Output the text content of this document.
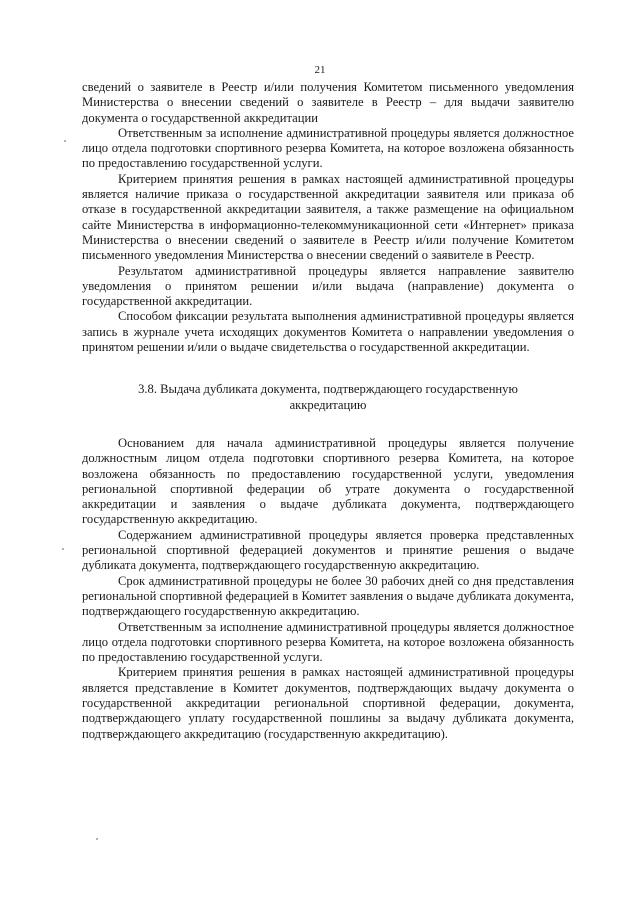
21

сведений о заявителе в Реестр и/или получения Комитетом письменного уведомления Министерства о внесении сведений о заявителе в Реестр – для выдачи заявителю документа о государственной аккредитации

Ответственным за исполнение административной процедуры является должностное лицо отдела подготовки спортивного резерва Комитета, на которое возложена обязанность по предоставлению государственной услуги.

Критерием принятия решения в рамках настоящей административной процедуры является наличие приказа о государственной аккредитации заявителя или приказа об отказе в государственной аккредитации заявителя, а также размещение на официальном сайте Министерства в информационно-телекоммуникационной сети «Интернет» приказа Министерства о внесении сведений о заявителе в Реестр и/или получение Комитетом письменного уведомления Министерства о внесении сведений о заявителе в Реестр.

Результатом административной процедуры является направление заявителю уведомления о принятом решении и/или выдача (направление) документа о государственной аккредитации.

Способом фиксации результата выполнения административной процедуры является запись в журнале учета исходящих документов Комитета о направлении уведомления о принятом решении и/или о выдаче свидетельства о государственной аккредитации.

3.8. Выдача дубликата документа, подтверждающего государственную
аккредитацию

Основанием для начала административной процедуры является получение должностным лицом отдела подготовки спортивного резерва Комитета, на которое возложена обязанность по предоставлению государственной услуги, уведомления региональной спортивной федерации об утрате документа о государственной аккредитации и заявления о выдаче дубликата документа, подтверждающего государственную аккредитацию.

Содержанием административной процедуры является проверка представленных региональной спортивной федерацией документов и принятие решения о выдаче дубликата документа, подтверждающего государственную аккредитацию.

Срок административной процедуры не более 30 рабочих дней со дня представления региональной спортивной федерацией в Комитет заявления о выдаче дубликата документа, подтверждающего государственную аккредитацию.

Ответственным за исполнение административной процедуры является должностное лицо отдела подготовки спортивного резерва Комитета, на которое возложена обязанность по предоставлению государственной услуги.

Критерием принятия решения в рамках настоящей административной процедуры является представление в Комитет документов, подтверждающих выдачу документа о государственной аккредитации региональной спортивной федерации, документа, подтверждающего уплату государственной пошлины за выдачу дубликата документа, подтверждающего аккредитацию (государственную аккредитацию).
